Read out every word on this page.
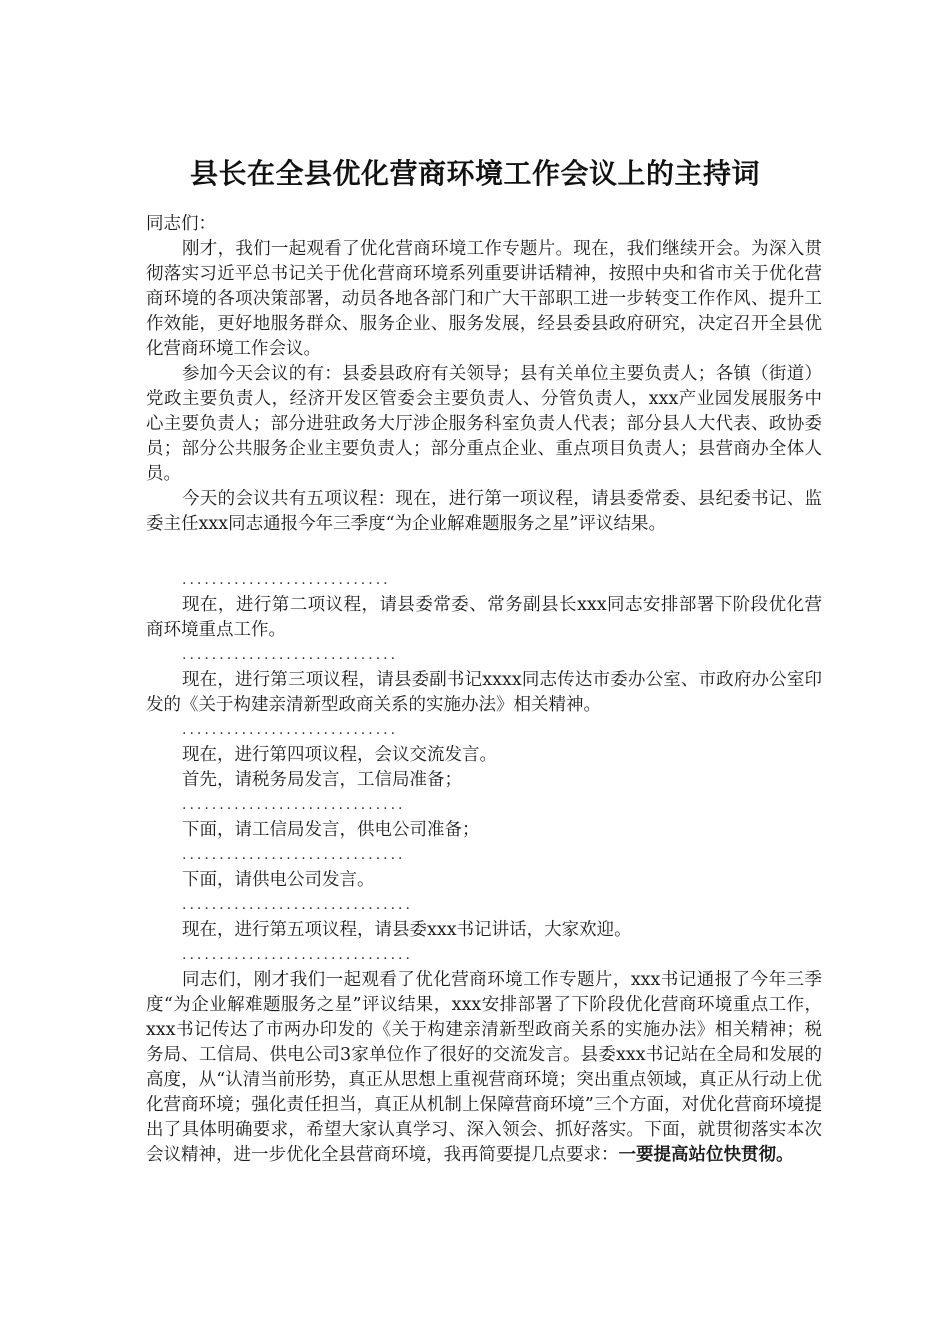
县长在全县优化营商环境工作会议上的主持词

同志们：

刚才，我们一起观看了优化营商环境工作专题片。现在，我们继续开会。为深入贯彻落实习近平总书记关于优化营商环境系列重要讲话精神，按照中央和省市关于优化营商环境的各项决策部署，动员各地各部门和广大干部职工进一步转变工作作风、提升工作效能，更好地服务群众、服务企业、服务发展，经县委县政府研究，决定召开全县优化营商环境工作会议。

参加今天会议的有：县委县政府有关领导；县有关单位主要负责人；各镇（街道）党政主要负责人，经济开发区管委会主要负责人、分管负责人，xxx产业园发展服务中心主要负责人；部分进驻政务大厅涉企服务科室负责人代表；部分县人大代表、政协委员；部分公共服务企业主要负责人；部分重点企业、重点项目负责人；县营商办全体人员。

今天的会议共有五项议程：现在，进行第一项议程，请县委常委、县纪委书记、监委主任xxx同志通报今年三季度“为企业解难题服务之星”评议结果。

............................

现在，进行第二项议程，请县委常委、常务副县长xxx同志安排部署下阶段优化营商环境重点工作。

.............................

现在，进行第三项议程，请县委副书记xxxx同志传达市委办公室、市政府办公室印发的《关于构建亲清新型政商关系的实施办法》相关精神。

.............................

现在，进行第四项议程，会议交流发言。

首先，请税务局发言，工信局准备；

..............................

下面，请工信局发言，供电公司准备；

..............................

下面，请供电公司发言。

...............................

现在，进行第五项议程，请县委xxx书记讲话，大家欢迎。

...............................

同志们，刚才我们一起观看了优化营商环境工作专题片，xxx书记通报了今年三季度“为企业解难题服务之星”评议结果，xxx安排部署了下阶段优化营商环境重点工作，xxx书记传达了市两办印发的《关于构建亲清新型政商关系的实施办法》相关精神；税务局、工信局、供电公司3家单位作了很好的交流发言。县委xxx书记站在全局和发展的高度，从“认清当前形势，真正从思想上重视营商环境；突出重点领域，真正从行动上优化营商环境；强化责任担当，真正从机制上保障营商环境”三个方面，对优化营商环境提出了具体明确要求，希望大家认真学习、深入领会、抓好落实。下面，就贯彻落实本次会议精神，进一步优化全县营商环境，我再简要提几点要求：一要提高站位快贯彻。
